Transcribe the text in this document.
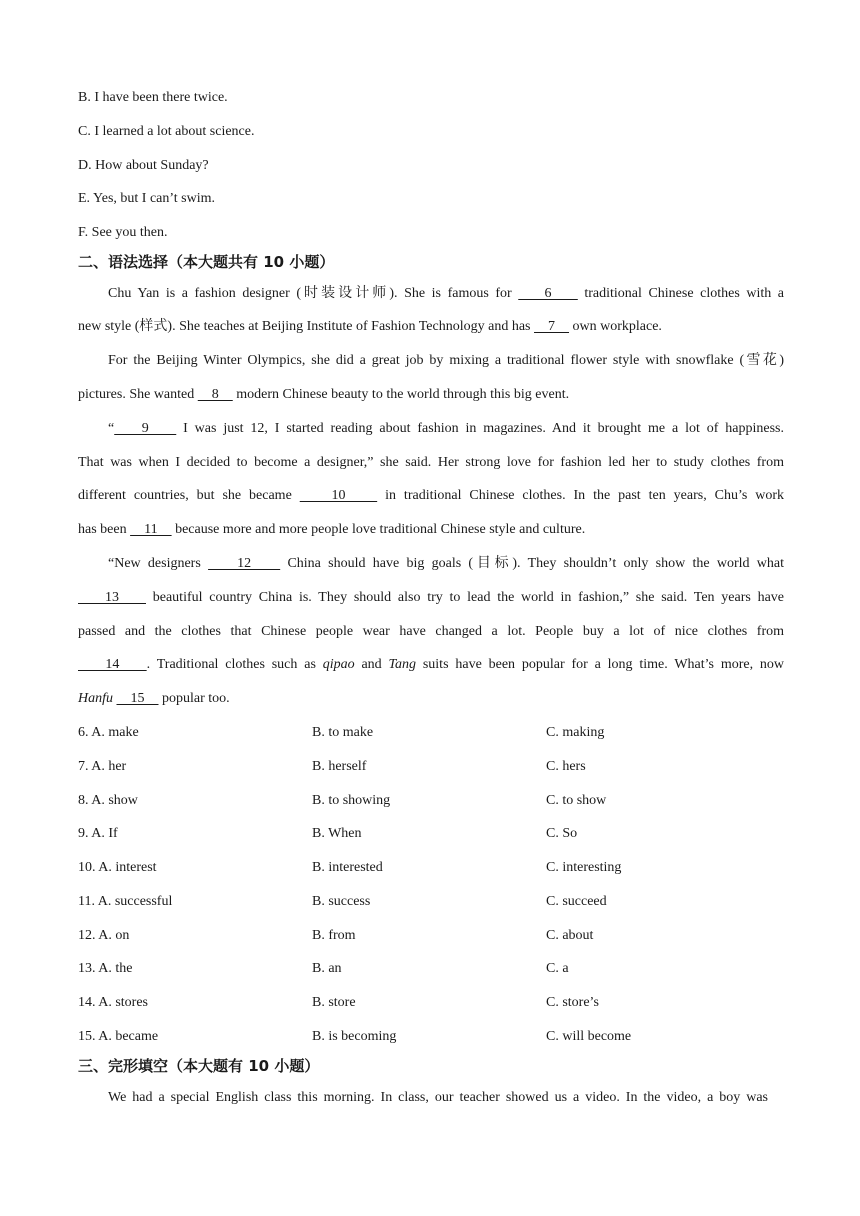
B. I have been there twice.
C. I learned a lot about science.
D. How about Sunday?
E. Yes, but I can’t swim.
F. See you then.
二、语法选择（本大题共有 10 小题）
Chu Yan is a fashion designer (时装设计师). She is famous for     6     traditional Chinese clothes with a
new style (样式). She teaches at Beijing Institute of Fashion Technology and has     7     own workplace.
For the Beijing Winter Olympics, she did a great job by mixing a traditional flower style with snowflake (雪花)
pictures. She wanted     8     modern Chinese beauty to the world through this big event.
“    9     I was just 12, I started reading about fashion in magazines. And it brought me a lot of happiness.
That was when I decided to become a designer,” she said. Her strong love for fashion led her to study clothes from
different countries, but she became     10     in traditional Chinese clothes. In the past ten years, Chu’s work
has been     11     because more and more people love traditional Chinese style and culture.
“New designers     12     China should have big goals (目标). They shouldn’t only show the world what
13     beautiful country China is. They should also try to lead the world in fashion,” she said. Ten years have
passed and the clothes that Chinese people wear have changed a lot. People buy a lot of nice clothes from
14    . Traditional clothes such as qipao and Tang suits have been popular for a long time. What’s more, now
Hanfu     15     popular too.
6. A. make	B. to make	C. making
7. A. her	B. herself	C. hers
8. A. show	B. to showing	C. to show
9. A. If	B. When	C. So
10. A. interest	B. interested	C. interesting
11. A. successful	B. success	C. succeed
12. A. on	B. from	C. about
13. A. the	B. an	C. a
14. A. stores	B. store	C. store’s
15. A. became	B. is becoming	C. will become
三、完形填空（本大题有 10 小题）
We had a special English class this morning. In class, our teacher showed us a video. In the video, a boy was
